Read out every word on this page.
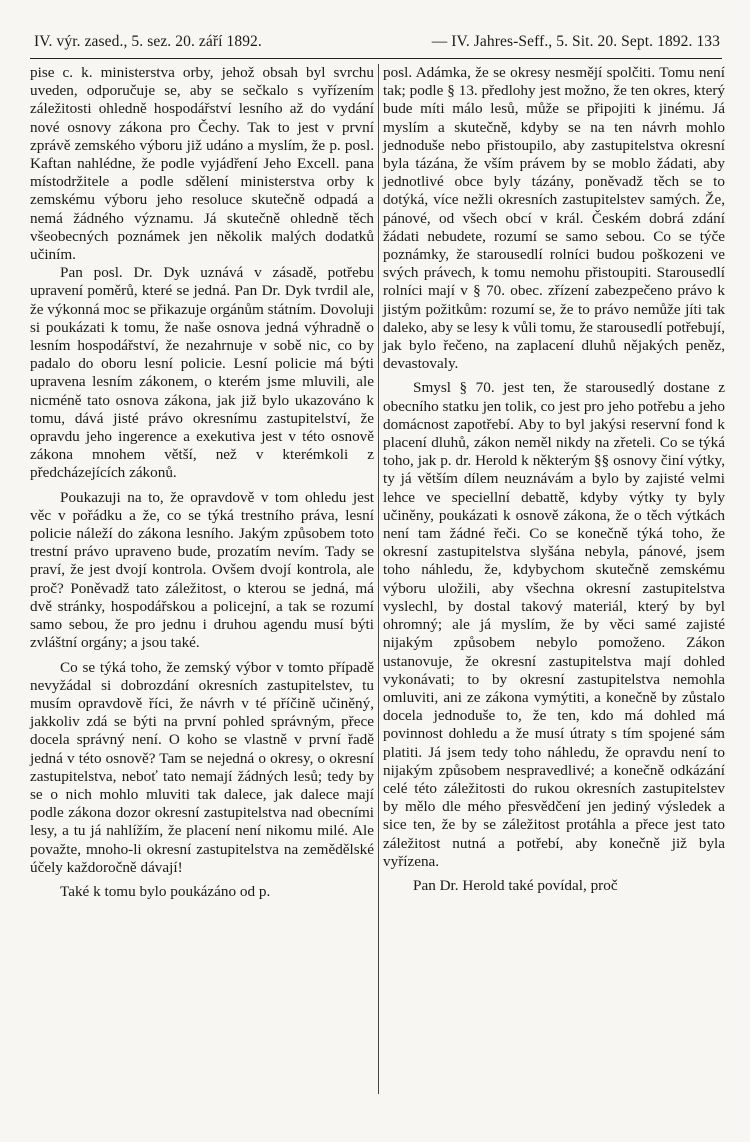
IV. výr. zased., 5. sez. 20. září 1892.	— IV. Jahres-Seff., 5. Sit. 20. Sept. 1892. 133

pise c. k. ministerstva orby, jehož obsah byl svrchu uveden, odporučuje se, aby se sečkalo s vyřízením záležitosti ohledně hospodářství lesního až do vydání nové osnovy zákona pro Čechy. Tak to jest v první zprávě zemského výboru již udáno a myslím, že p. posl. Kaftan nahlédne, že podle vyjádření Jeho Excell. pana místodržitele a podle sdělení ministerstva orby k zemskému výboru jeho resoluce skutečně odpadá a nemá žádného významu. Já skutečně ohledně těch všeobecných poznámek jen několik malých dodatků učiním.

Pan posl. Dr. Dyk uznává v zásadě, potřebu upravení poměrů, které se jedná. Pan Dr. Dyk tvrdil ale, že výkonná moc se přikazuje orgánům státním. Dovoluji si poukázati k tomu, že naše osnova jedná výhradně o lesním hospodářství, že nezahrnuje v sobě nic, co by padalo do oboru lesní policie. Lesní policie má býti upravena lesním zákonem, o kterém jsme mluvili, ale nicméně tato osnova zákona, jak již bylo ukazováno k tomu, dává jisté právo okresnímu zastupitelství, že opravdu jeho ingerence a exekutiva jest v této osnově zákona mnohem větší, než v kterémkoli z předcházejících zákonů.

Poukazuji na to, že opravdově v tom ohledu jest věc v pořádku a že, co se týká trestního práva, lesní policie náleží do zákona lesního. Jakým způsobem toto trestní právo upraveno bude, prozatím nevím. Tady se praví, že jest dvojí kontrola. Ovšem dvojí kontrola, ale proč? Poněvadž tato záležitost, o kterou se jedná, má dvě stránky, hospodářskou a policejní, a tak se rozumí samo sebou, že pro jednu i druhou agendu musí býti zvláštní orgány; a jsou také.

Co se týká toho, že zemský výbor v tomto případě nevyžádal si dobrozdání okresních zastupitelstev, tu musím opravdově říci, že návrh v té příčině učiněný, jakkoliv zdá se býti na první pohled správným, přece docela správný není. O koho se vlastně v první řadě jedná v této osnově? Tam se nejedná o okresy, o okresní zastupitelstva, neboť tato nemají žádných lesů; tedy by se o nich mohlo mluviti tak dalece, jak dalece mají podle zákona dozor okresní zastupitelstva nad obecními lesy, a tu já nahlížím, že placení není nikomu milé. Ale považte, mnoho-li okresní zastupitelstva na zemědělské účely každoročně dávají!

Také k tomu bylo poukázáno od p.

posl. Adámka, že se okresy nesmějí spolčiti. Tomu není tak; podle § 13. předlohy jest možno, že ten okres, který bude míti málo lesů, může se připojiti k jinému. Já myslím a skutečně, kdyby se na ten návrh mohlo jednoduše nebo přistoupilo, aby zastupitelstva okresní byla tázána, že vším právem by se moblo žádati, aby jednotlivé obce byly tázány, poněvadž těch se to dotýká, více nežli okresních zastupitelstev samých. Že, pánové, od všech obcí v král. Českém dobrá zdání žádati nebudete, rozumí se samo sebou. Co se týče poznámky, že starousedlí rolníci budou poškozeni ve svých právech, k tomu nemohu přistoupiti. Starousedlí rolníci mají v § 70. obec. zřízení zabezpečeno právo k jistým požitkům: rozumí se, že to právo nemůže jíti tak daleko, aby se lesy k vůli tomu, že starousedlí potřebují, jak bylo řečeno, na zaplacení dluhů nějakých peněz, devastovaly.

Smysl § 70. jest ten, že starousedlý dostane z obecního statku jen tolik, co jest pro jeho potřebu a jeho domácnost zapotřebí. Aby to byl jakýsi reservní fond k placení dluhů, zákon neměl nikdy na zřeteli. Co se týká toho, jak p. dr. Herold k některým §§ osnovy činí výtky, ty já větším dílem neuznávám a bylo by zajisté velmi lehce ve speciellní debattě, kdyby výtky ty byly učiněny, poukázati k osnově zákona, že o těch výtkách není tam žádné řeči. Co se konečně týká toho, že okresní zastupitelstva slyšána nebyla, pánové, jsem toho náhledu, že, kdybychom skutečně zemskému výboru uložili, aby všechna okresní zastupitelstva vyslechl, by dostal takový materiál, který by byl ohromný; ale já myslím, že by věci samé zajisté nijakým způsobem nebylo pomoženo. Zákon ustanovuje, že okresní zastupitelstva mají dohled vykonávati; to by okresní zastupitelstva nemohla omluviti, ani ze zákona vymýtiti, a konečně by zůstalo docela jednoduše to, že ten, kdo má dohled má povinnost dohledu a že musí útraty s tím spojené sám platiti. Já jsem tedy toho náhledu, že opravdu není to nijakým způsobem nespravedlivé; a konečně odkázání celé této záležitosti do rukou okresních zastupitelstev by mělo dle mého přesvědčení jen jediný výsledek a sice ten, že by se záležitost protáhla a přece jest tato záležitost nutná a potřebí, aby konečně již byla vyřízena.

Pan Dr. Herold také povídal, proč
